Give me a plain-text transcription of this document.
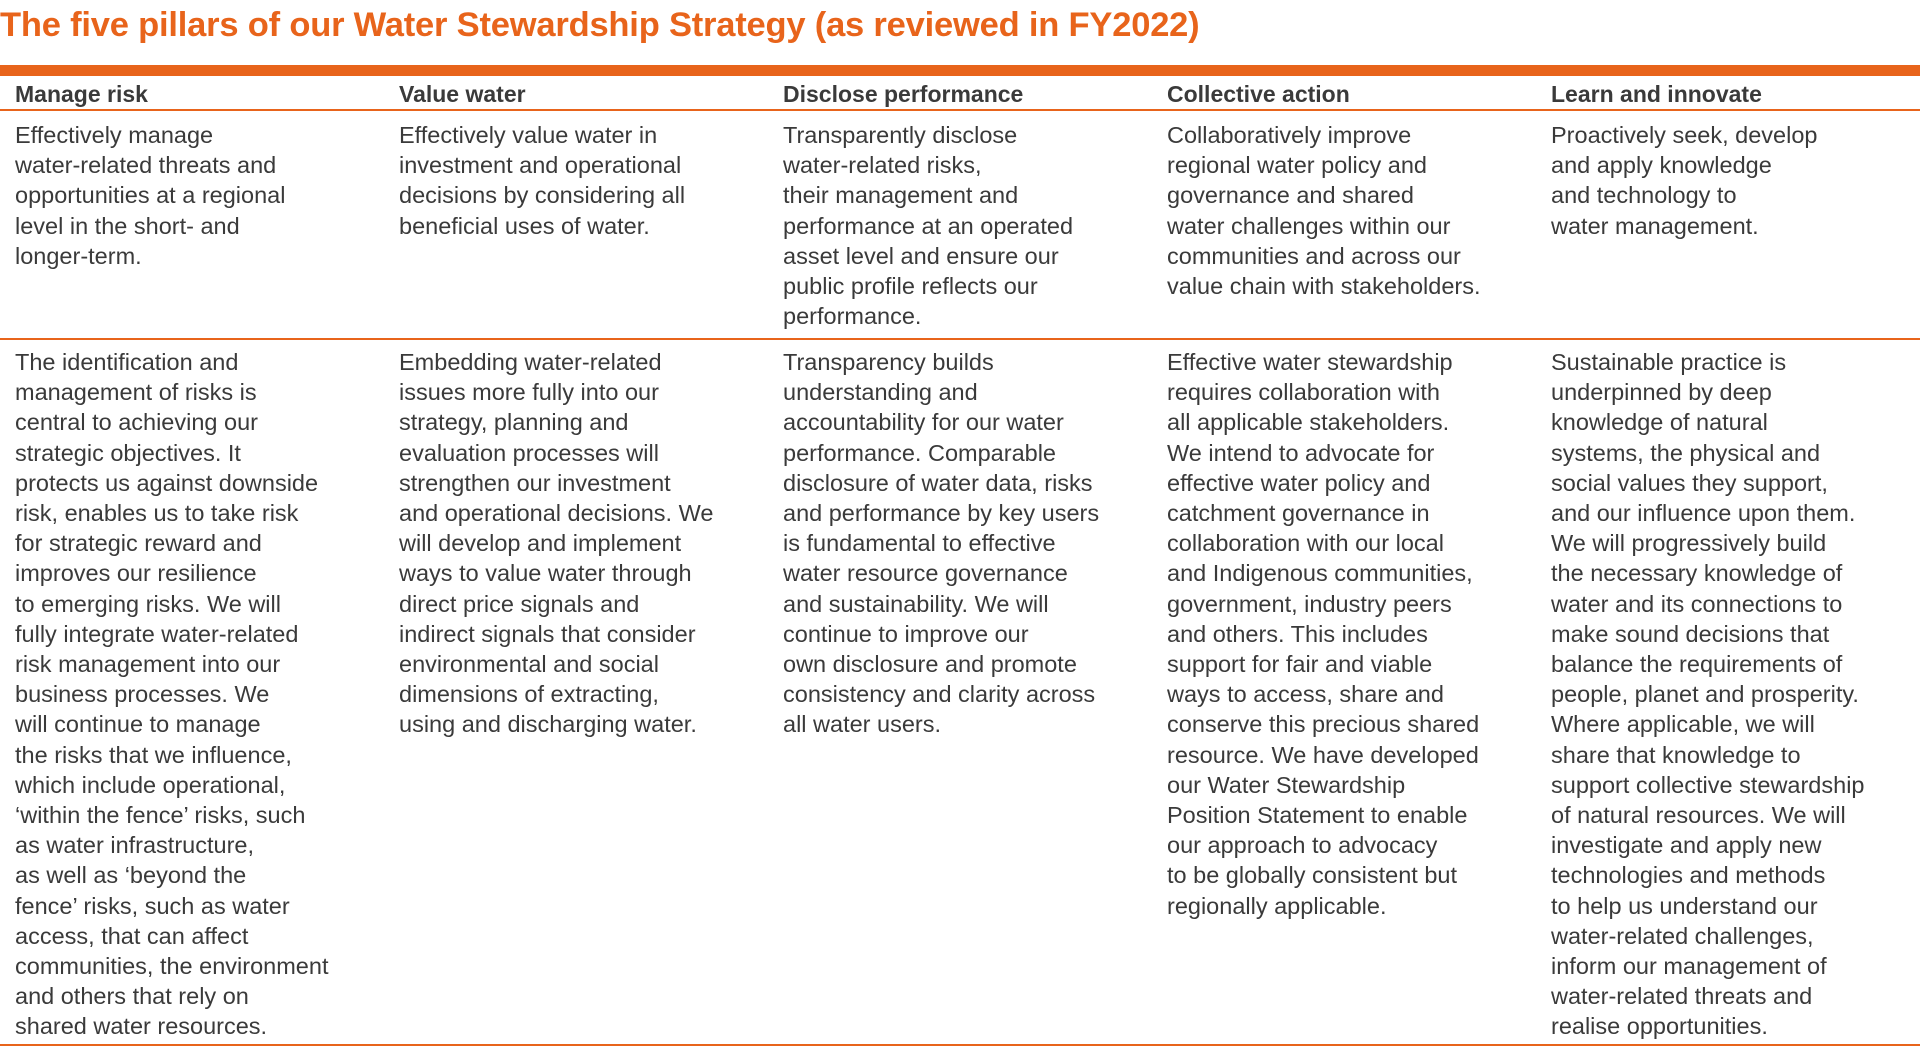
The five pillars of our Water Stewardship Strategy (as reviewed in FY2022)
Manage risk
Effectively manage
water-related threats and
opportunities at a regional
level in the short- and
longer-term.
The identification and
management of risks is
central to achieving our
strategic objectives. It
protects us against downside
risk, enables us to take risk
for strategic reward and
improves our resilience
to emerging risks. We will
fully integrate water-related
risk management into our
business processes. We
will continue to manage
the risks that we influence,
which include operational,
‘within the fence’ risks, such
as water infrastructure,
as well as ‘beyond the
fence’ risks, such as water
access, that can affect
communities, the environment
and others that rely on
shared water resources.
Value water
Effectively value water in
investment and operational
decisions by considering all
beneficial uses of water.
Embedding water-related
issues more fully into our
strategy, planning and
evaluation processes will
strengthen our investment
and operational decisions. We
will develop and implement
ways to value water through
direct price signals and
indirect signals that consider
environmental and social
dimensions of extracting,
using and discharging water.
Disclose performance
Transparently disclose
water-related risks,
their management and
performance at an operated
asset level and ensure our
public profile reflects our
performance.
Transparency builds
understanding and
accountability for our water
performance. Comparable
disclosure of water data, risks
and performance by key users
is fundamental to effective
water resource governance
and sustainability. We will
continue to improve our
own disclosure and promote
consistency and clarity across
all water users.
Collective action
Collaboratively improve
regional water policy and
governance and shared
water challenges within our
communities and across our
value chain with stakeholders.
Effective water stewardship
requires collaboration with
all applicable stakeholders.
We intend to advocate for
effective water policy and
catchment governance in
collaboration with our local
and Indigenous communities,
government, industry peers
and others. This includes
support for fair and viable
ways to access, share and
conserve this precious shared
resource. We have developed
our Water Stewardship
Position Statement to enable
our approach to advocacy
to be globally consistent but
regionally applicable.
Learn and innovate
Proactively seek, develop
and apply knowledge
and technology to
water management.
Sustainable practice is
underpinned by deep
knowledge of natural
systems, the physical and
social values they support,
and our influence upon them.
We will progressively build
the necessary knowledge of
water and its connections to
make sound decisions that
balance the requirements of
people, planet and prosperity.
Where applicable, we will
share that knowledge to
support collective stewardship
of natural resources. We will
investigate and apply new
technologies and methods
to help us understand our
water-related challenges,
inform our management of
water-related threats and
realise opportunities.
